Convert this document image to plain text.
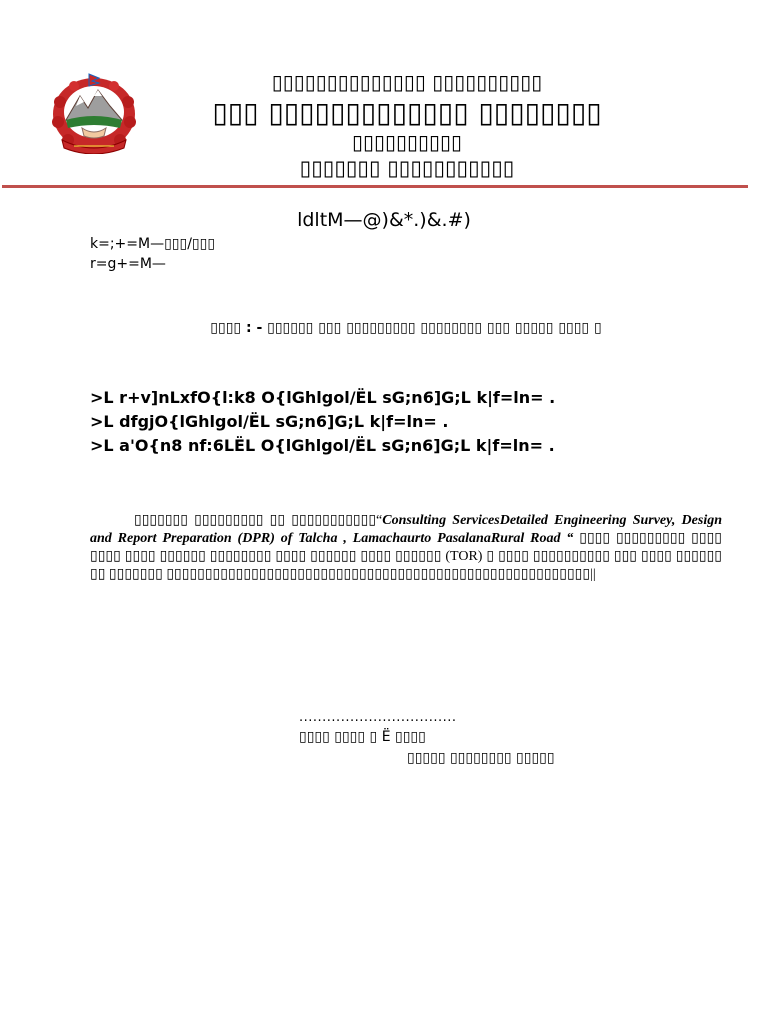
▯▯▯▯▯▯▯▯▯▯▯▯▯▯ ▯▯▯▯▯▯▯▯▯▯
▯▯▯ ▯▯▯▯▯▯▯▯▯▯▯▯▯ ▯▯▯▯▯▯▯▯
▯▯▯▯▯▯▯▯▯▯
▯▯▯▯▯▯▯ ▯▯▯▯▯▯▯▯▯▯▯
ldltM—@)&*.)&.#)
k=;+=M—▯▯▯/▯▯▯
r=g+=M—
▯▯▯▯ : - ▯▯▯▯▯▯ ▯▯▯ ▯▯▯▯▯▯▯▯▯ ▯▯▯▯▯▯▯▯ ▯▯▯ ▯▯▯▯▯ ▯▯▯▯ ▯
>L r+v]nLxfO{l:k8 O{lGhlgol/ËL sG;n6]G;L k|f=ln= .
>L dfgjO{lGhlgol/ËL sG;n6]G;L k|f=ln= .
>L a'O{n8 nf:6LËL O{lGhlgol/ËL sG;n6]G;L k|f=ln= .
▯▯▯▯▯▯▯ ▯▯▯▯▯▯▯▯▯ ▯▯ ▯▯▯▯▯▯▯▯▯▯▯“Consulting ServicesDetailed Engineering Survey, Design and Report Preparation (DPR) of Talcha , Lamachaurto PasalanaRural Road “ ▯▯▯▯ ▯▯▯▯▯▯▯▯▯ ▯▯▯▯ ▯▯▯▯ ▯▯▯▯ ▯▯▯▯▯▯ ▯▯▯▯▯▯▯▯ ▯▯▯▯ ▯▯▯▯▯▯ ▯▯▯▯ ▯▯▯▯▯▯ (TOR) ▯ ▯▯▯▯ ▯▯▯▯▯▯▯▯▯▯ ▯▯▯ ▯▯▯▯ ▯▯▯▯▯▯ ▯▯ ▯▯▯▯▯▯▯ ▯▯▯▯▯▯▯▯▯▯▯▯▯▯▯▯▯▯▯▯▯▯▯▯▯▯▯▯▯▯▯▯▯▯▯▯▯▯▯▯▯▯▯▯▯▯▯▯▯▯▯▯▯▯▯||
..................................
▯▯▯▯ ▯▯▯▯ ▯ Ë ▯▯▯▯
▯▯▯▯▯ ▯▯▯▯▯▯▯▯ ▯▯▯▯▯
